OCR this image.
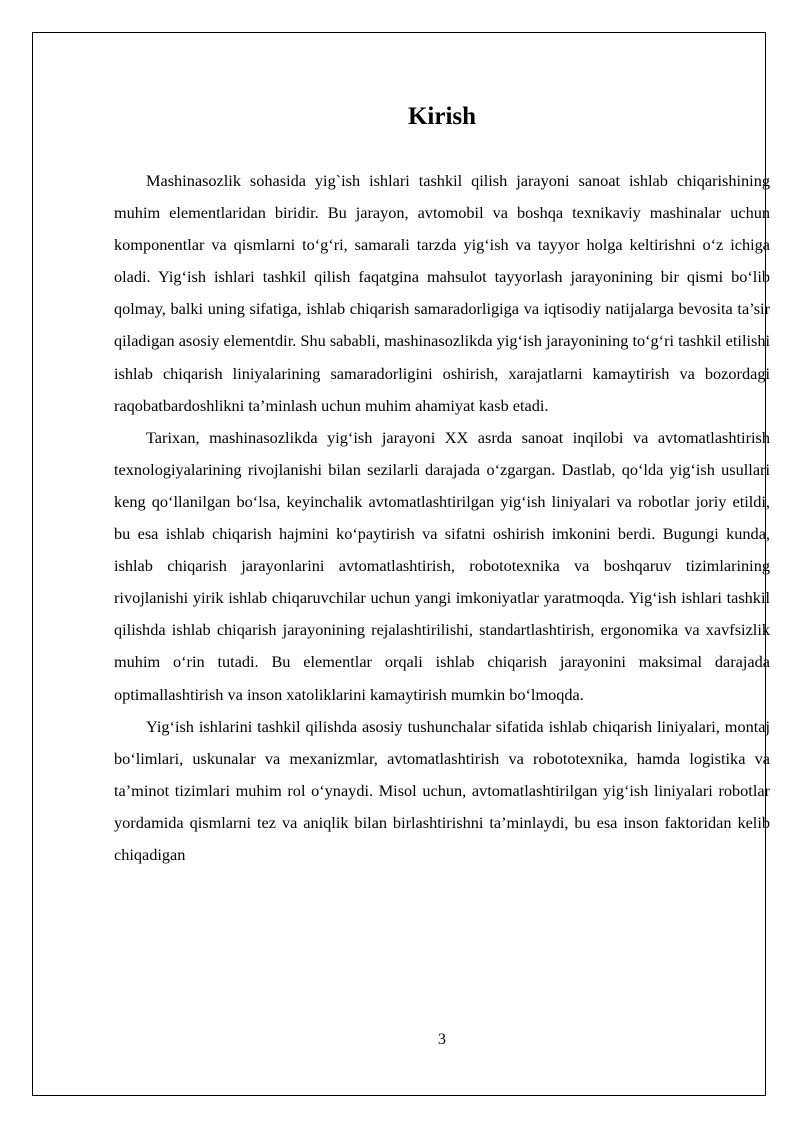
Kirish

Mashinasozlik sohasida yig`ish ishlari tashkil qilish jarayoni sanoat ishlab chiqarishining muhim elementlaridan biridir. Bu jarayon, avtomobil va boshqa texnikaviy mashinalar uchun komponentlar va qismlarni to‘g‘ri, samarali tarzda yig‘ish va tayyor holga keltirishni o‘z ichiga oladi. Yig‘ish ishlari tashkil qilish faqatgina mahsulot tayyorlash jarayonining bir qismi bo‘lib qolmay, balki uning sifatiga, ishlab chiqarish samaradorligiga va iqtisodiy natijalarga bevosita ta’sir qiladigan asosiy elementdir. Shu sababli, mashinasozlikda yig‘ish jarayonining to‘g‘ri tashkil etilishi ishlab chiqarish liniyalarining samaradorligini oshirish, xarajatlarni kamaytirish va bozordagi raqobatbardoshlikni ta’minlash uchun muhim ahamiyat kasb etadi.

Tarixan, mashinasozlikda yig‘ish jarayoni XX asrda sanoat inqilobi va avtomatlashtirish texnologiyalarining rivojlanishi bilan sezilarli darajada o‘zgargan. Dastlab, qo‘lda yig‘ish usullari keng qo‘llanilgan bo‘lsa, keyinchalik avtomatlashtirilgan yig‘ish liniyalari va robotlar joriy etildi, bu esa ishlab chiqarish hajmini ko‘paytirish va sifatni oshirish imkonini berdi. Bugungi kunda, ishlab chiqarish jarayonlarini avtomatlashtirish, robototexnika va boshqaruv tizimlarining rivojlanishi yirik ishlab chiqaruvchilar uchun yangi imkoniyatlar yaratmoqda. Yig‘ish ishlari tashkil qilishda ishlab chiqarish jarayonining rejalashtirilishi, standartlashtirish, ergonomika va xavfsizlik muhim o‘rin tutadi. Bu elementlar orqali ishlab chiqarish jarayonini maksimal darajada optimallashtirish va inson xatoliklarini kamaytirish mumkin bo‘lmoqda.

Yig‘ish ishlarini tashkil qilishda asosiy tushunchalar sifatida ishlab chiqarish liniyalari, montaj bo‘limlari, uskunalar va mexanizmlar, avtomatlashtirish va robototexnika, hamda logistika va ta’minot tizimlari muhim rol o‘ynaydi. Misol uchun, avtomatlashtirilgan yig‘ish liniyalari robotlar yordamida qismlarni tez va aniqlik bilan birlashtirishni ta’minlaydi, bu esa inson faktoridan kelib chiqadigan

3
